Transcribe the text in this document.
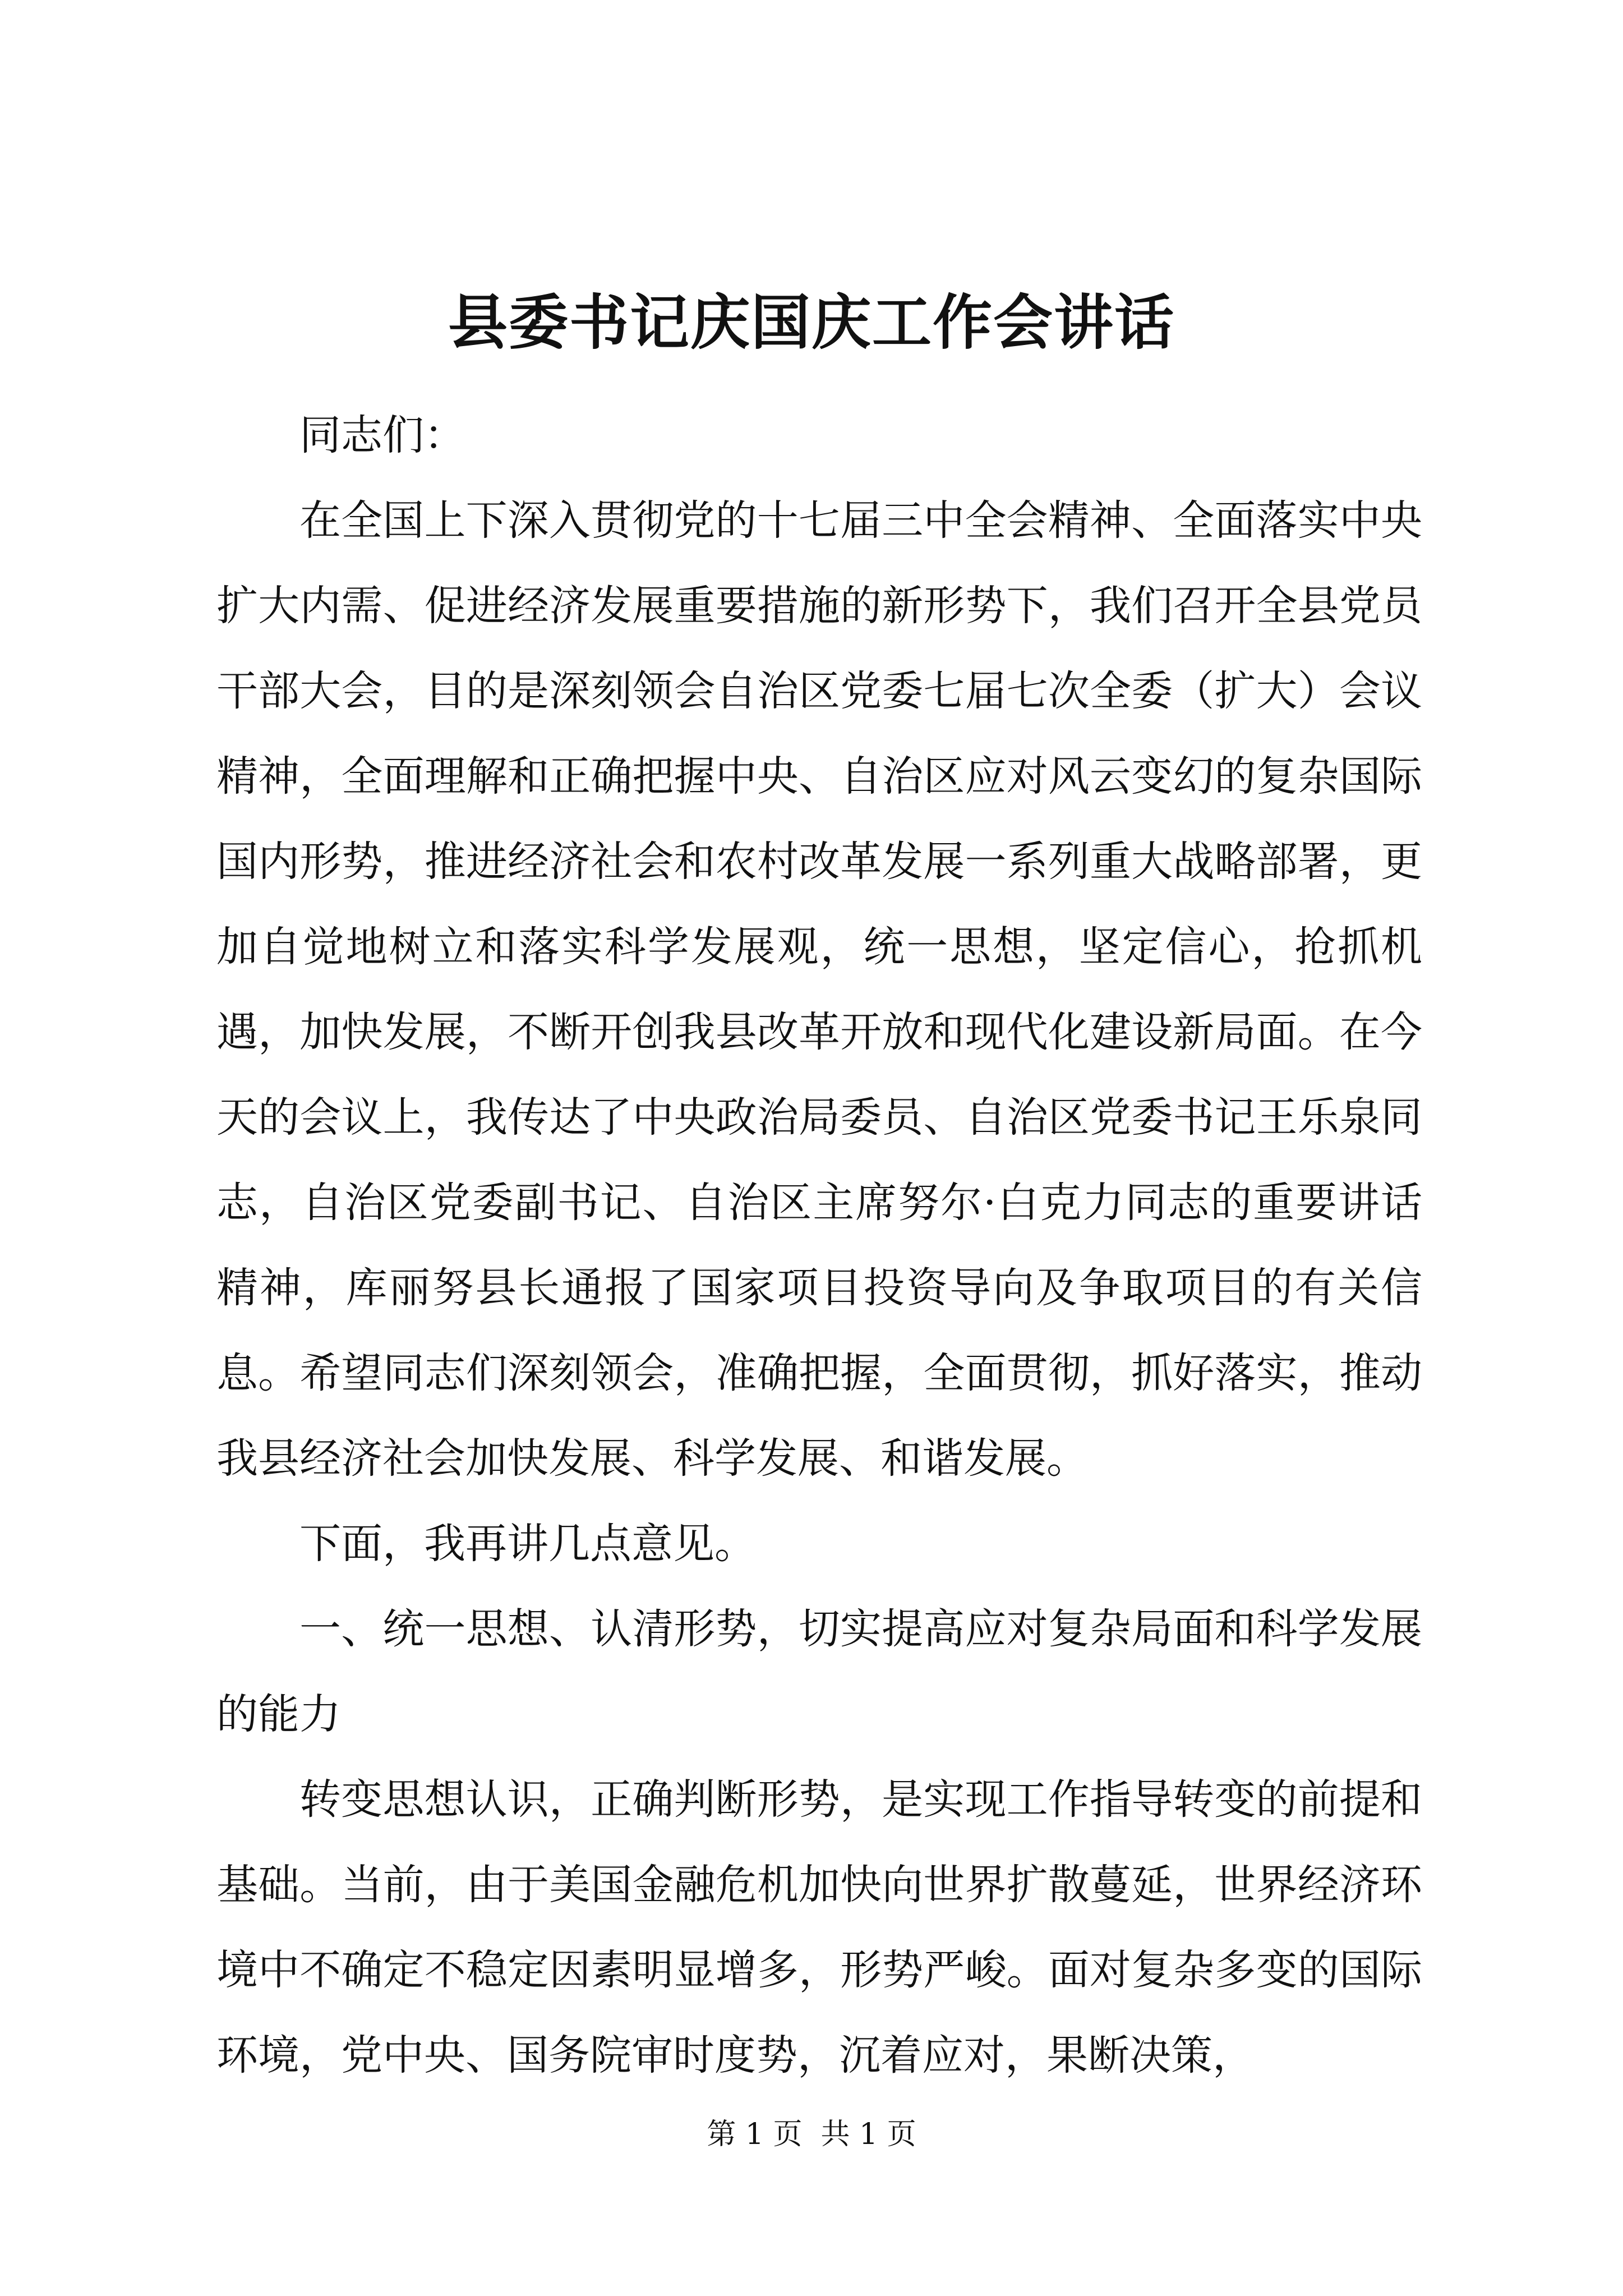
县委书记庆国庆工作会讲话

同志们：

在全国上下深入贯彻党的十七届三中全会精神、全面落实中央扩大内需、促进经济发展重要措施的新形势下，我们召开全县党员干部大会，目的是深刻领会自治区党委七届七次全委（扩大）会议精神，全面理解和正确把握中央、自治区应对风云变幻的复杂国际国内形势，推进经济社会和农村改革发展一系列重大战略部署，更加自觉地树立和落实科学发展观，统一思想，坚定信心，抢抓机遇，加快发展，不断开创我县改革开放和现代化建设新局面。在今天的会议上，我传达了中央政治局委员、自治区党委书记王乐泉同志，自治区党委副书记、自治区主席努尔·白克力同志的重要讲话精神，库丽努县长通报了国家项目投资导向及争取项目的有关信息。希望同志们深刻领会，准确把握，全面贯彻，抓好落实，推动我县经济社会加快发展、科学发展、和谐发展。

下面，我再讲几点意见。

一、统一思想、认清形势，切实提高应对复杂局面和科学发展的能力

转变思想认识，正确判断形势，是实现工作指导转变的前提和基础。当前，由于美国金融危机加快向世界扩散蔓延，世界经济环境中不确定不稳定因素明显增多，形势严峻。面对复杂多变的国际环境，党中央、国务院审时度势，沉着应对，果断决策，

第 1 页  共 1 页
